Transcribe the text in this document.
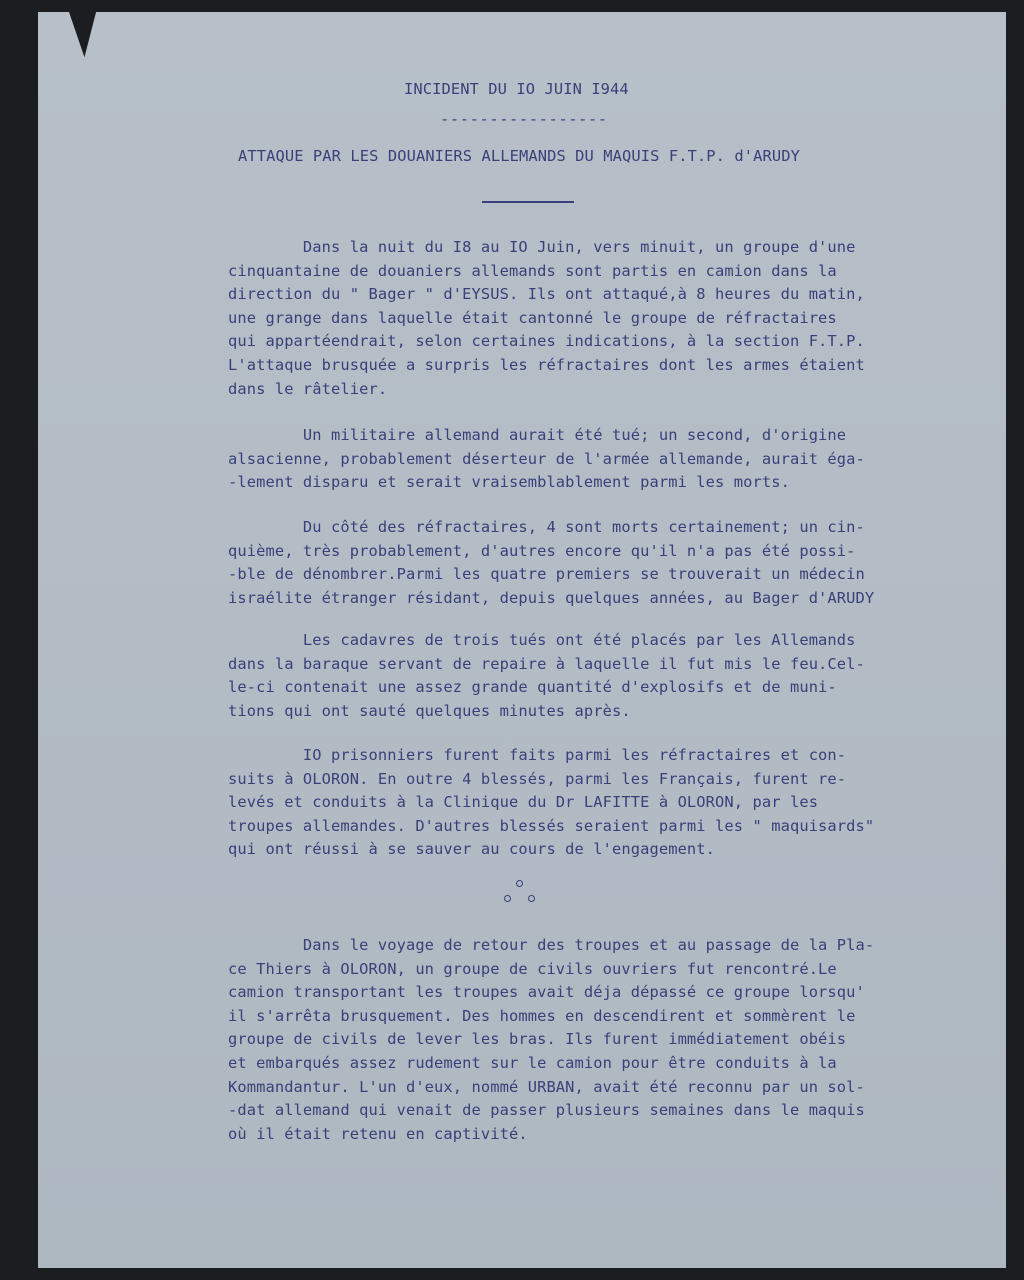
INCIDENT DU IO JUIN I944

-----------------

ATTAQUE PAR LES DOUANIERS ALLEMANDS DU MAQUIS F.T.P. d'ARUDY

Dans la nuit du I8 au IO Juin, vers minuit, un groupe d'une
cinquantaine de douaniers allemands sont partis en camion dans la
direction du " Bager " d'EYSUS. Ils ont attaqué,à 8 heures du matin,
une grange dans laquelle était cantonné le groupe de réfractaires
qui appartéendrait, selon certaines indications, à la section F.T.P.
L'attaque brusquée a surpris les réfractaires dont les armes étaient
dans le râtelier.

Un militaire allemand aurait été tué; un second, d'origine
alsacienne, probablement déserteur de l'armée allemande, aurait éga-
-lement disparu et serait vraisemblablement parmi les morts.

Du côté des réfractaires, 4 sont morts certainement; un cin-
quième, très probablement, d'autres encore qu'il n'a pas été possi-
-ble de dénombrer.Parmi les quatre premiers se trouverait un médecin
israélite étranger résidant, depuis quelques années, au Bager d'ARUDY

Les cadavres de trois tués ont été placés par les Allemands
dans la baraque servant de repaire à laquelle il fut mis le feu.Cel-
le-ci contenait une assez grande quantité d'explosifs et de muni-
tions qui ont sauté quelques minutes après.

IO prisonniers furent faits parmi les réfractaires et con-
suits à OLORON. En outre 4 blessés, parmi les Français, furent re-
levés et conduits à la Clinique du Dr LAFITTE à OLORON, par les
troupes allemandes. D'autres blessés seraient parmi les " maquisards"
qui ont réussi à se sauver au cours de l'engagement.

Dans le voyage de retour des troupes et au passage de la Pla-
ce Thiers à OLORON, un groupe de civils ouvriers fut rencontré.Le
camion transportant les troupes avait déja dépassé ce groupe lorsqu'
il s'arrêta brusquement. Des hommes en descendirent et sommèrent le
groupe de civils de lever les bras. Ils furent immédiatement obéis
et embarqués assez rudement sur le camion pour être conduits à la
Kommandantur. L'un d'eux, nommé URBAN, avait été reconnu par un sol-
-dat allemand qui venait de passer plusieurs semaines dans le maquis
où il était retenu en captivité.
